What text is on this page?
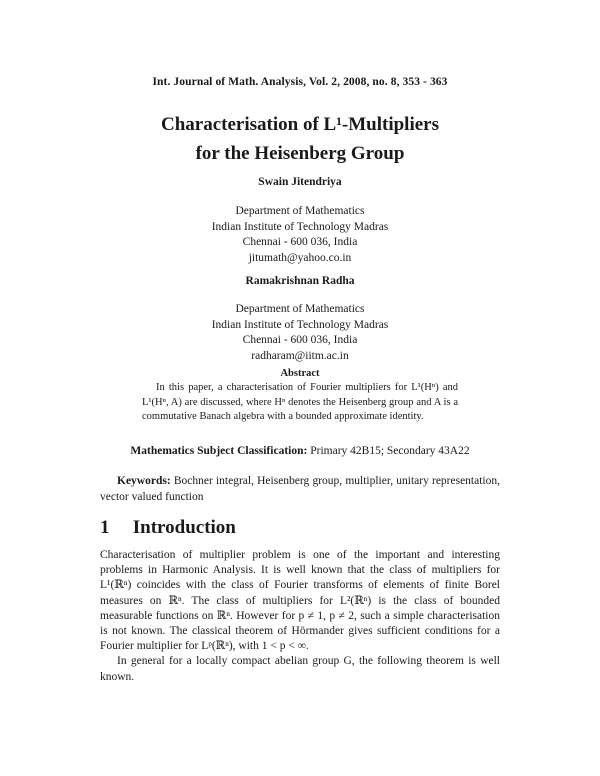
Int. Journal of Math. Analysis, Vol. 2, 2008, no. 8, 353 - 363
Characterisation of L¹-Multipliers
for the Heisenberg Group
Swain Jitendriya
Department of Mathematics
Indian Institute of Technology Madras
Chennai - 600 036, India
jitumath@yahoo.co.in
Ramakrishnan Radha
Department of Mathematics
Indian Institute of Technology Madras
Chennai - 600 036, India
radharam@iitm.ac.in
Abstract

In this paper, a characterisation of Fourier multipliers for L¹(Hⁿ) and L¹(Hⁿ, A) are discussed, where Hⁿ denotes the Heisenberg group and A is a commutative Banach algebra with a bounded approximate identity.

Mathematics Subject Classification: Primary 42B15; Secondary 43A22
Keywords: Bochner integral, Heisenberg group, multiplier, unitary representation, vector valued function
1 Introduction

Characterisation of multiplier problem is one of the important and interesting problems in Harmonic Analysis. It is well known that the class of multipliers for L¹(ℝⁿ) coincides with the class of Fourier transforms of elements of finite Borel measures on ℝⁿ. The class of multipliers for L²(ℝⁿ) is the class of bounded measurable functions on ℝⁿ. However for p ≠ 1, p ≠ 2, such a simple characterisation is not known. The classical theorem of Hörmander gives sufficient conditions for a Fourier multiplier for Lᵖ(ℝⁿ), with 1 < p < ∞.

In general for a locally compact abelian group G, the following theorem is well known.
